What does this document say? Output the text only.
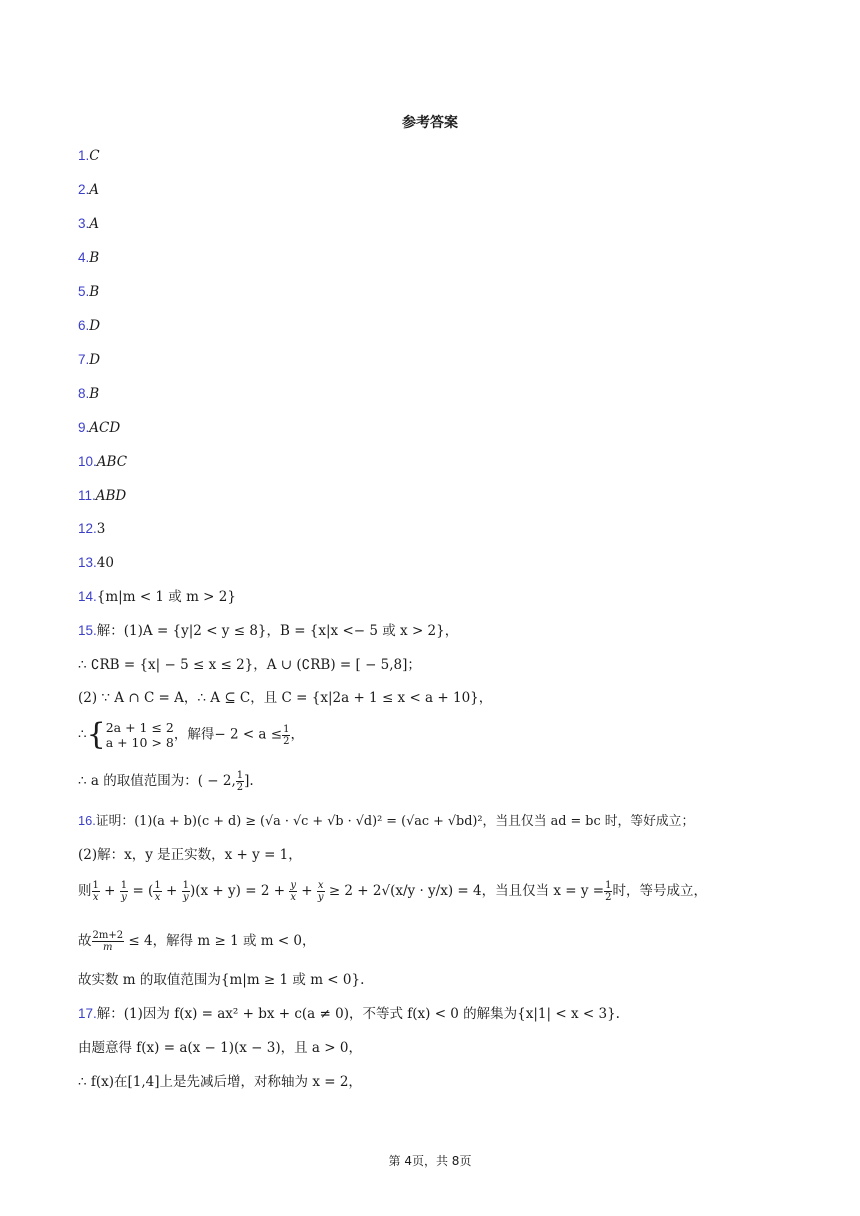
参考答案
1.C
2.A
3.A
4.B
5.B
6.D
7.D
8.B
9.ACD
10.ABC
11.ABD
12.3
13.40
14.{m|m < 1 或 m > 2}
15.解：(1)A = {y|2 < y ≤ 8}，B = {x|x <− 5 或 x > 2}，
∴ ∁RB = {x| − 5 ≤ x ≤ 2}，A ∪ (∁RB) = [ − 5,8]；
(2) ∵ A ∩ C = A，∴ A ⊆ C，且 C = {x|2a + 1 ≤ x < a + 10}，
∴{ 2a + 1 ≤ 2
a + 10 > 8 ，解得− $2 < a \le \frac{1}{2}$ ，
∴ a 的取值范围为：( − 2, $\frac{1}{2}$ ].
16.证明：(1)(a + b)(c + d) ≥ (√a · √c + √b · √d)² = (√ac + √bd)²，当且仅当 ad = bc 时，等好成立；
(2)解：x，y 是正实数，x + y = 1，
则 $\frac{1}{x} + \frac{1}{y}$ = ( $\frac{1}{x} + \frac{1}{y} )(x + y) = 2 + \frac{y}{x} + \frac{x}{y} \ge 2 + 2√(x/y \cdot y/x) = 4$，当且仅当 $x = y = \frac{1}{2}$ 时，等号成立，
故 $\frac{2m+2}{m} \le 4$，解得 m ≥ 1 或 m < 0，
故实数 m 的取值范围为{m|m ≥ 1 或 m < 0}.
17.解：(1)因为 f(x) = ax² + bx + c(a ≠ 0)，不等式 f(x) < 0 的解集为{x|1| < x < 3}.
由题意得 f(x) = a(x − 1)(x − 3)，且 a > 0，
∴ f(x)在[1,4]上是先减后增，对称轴为 x = 2，
第 4页，共 8页
